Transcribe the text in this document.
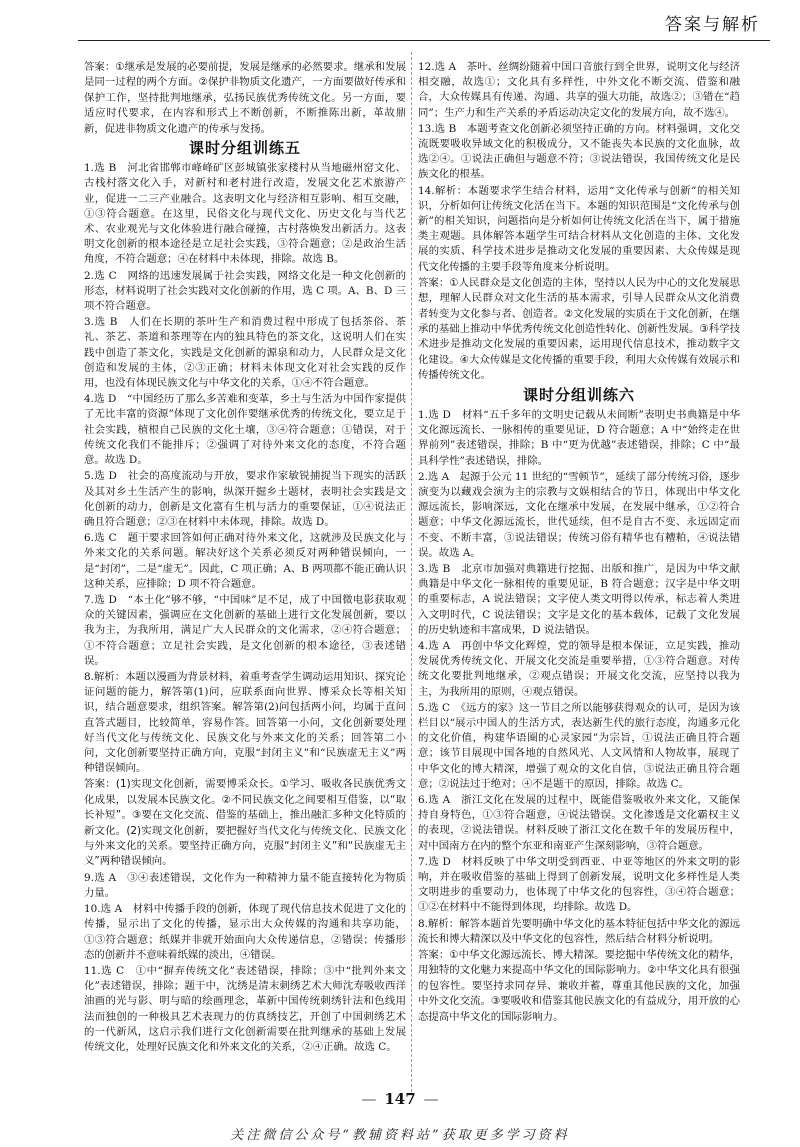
答案与解析

答案：①继承是发展的必要前提，发展是继承的必然要求。继承和发展是同一过程的两个方面。②保护非物质文化遗产，一方面要做好传承和保护工作，坚持批判地继承，弘扬民族优秀传统文化。另一方面，要适应时代要求，在内容和形式上不断创新，不断推陈出新，革故鼎新，促进非物质文化遗产的传承与发扬。

课时分组训练五

1.选 B　河北省邯郸市峰峰矿区彭城镇张家楼村从当地磁州窑文化、古栈村落文化入手，对新村和老村进行改造，发展文化艺术旅游产业，促进一二三产业融合。这表明文化与经济相互影响、相互交融，①③符合题意。在这里，民俗文化与现代文化、历史文化与当代艺术、农业观光与文化体验进行融合碰撞，古村落焕发出新活力。这表明文化创新的根本途径是立足社会实践，③符合题意；②是政治生活角度，不符合题意；④在材料中未体现，排除。故选 B。

2.选 C　网络的迅速发展属于社会实践，网络文化是一种文化创新的形态，材料说明了社会实践对文化创新的作用，选 C 项。A、B、D 三项不符合题意。

3.选 B　人们在长期的茶叶生产和消费过程中形成了包括茶俗、茶礼、茶艺、茶道和茶理等在内的独具特色的茶文化，这说明人们在实践中创造了茶文化，实践是文化创新的源泉和动力，人民群众是文化创造和发展的主体，②③正确；材料未体现文化对社会实践的反作用，也没有体现民族文化与中华文化的关系，①④不符合题意。

4.选 D　“中国经历了那么多苦难和变革，乡土与生活为中国作家提供了无比丰富的资源”体现了文化创作要继承优秀的传统文化，要立足于社会实践，植根自己民族的文化土壤，③④符合题意；①错误，对于传统文化我们不能排斥；②强调了对待外来文化的态度，不符合题意。故选 D。

5.选 D　社会的高度流动与开放，要求作家敏锐捕捉当下现实的活跃及其对乡土生活产生的影响，纵深开掘乡土题材，表明社会实践是文化创新的动力，创新是文化富有生机与活力的重要保证，①④说法正确且符合题意；②③在材料中未体现，排除。故选 D。

6.选 C　题干要求回答如何正确对待外来文化，这就涉及民族文化与外来文化的关系问题。解决好这个关系必须反对两种错误倾向，一是“封闭”，二是“虚无”。因此，C 项正确；A、B 两项都不能正确认识这种关系，应排除；D 项不符合题意。

7.选 D　“本土化”够不够，“中国味”足不足，成了中国微电影获取观众的关键因素，强调应在文化创新的基础上进行文化发展创新，要以我为主，为我所用，满足广大人民群众的文化需求，②④符合题意；①不符合题意；立足社会实践，是文化创新的根本途径，③表述错误。

8.解析：本题以漫画为背景材料，着重考查学生调动运用知识、探究论证问题的能力，解答第(1)问，应联系面向世界、博采众长等相关知识，结合题意要求，组织答案。解答第(2)问包括两小问，均属于直问直答式题目，比较简单，容易作答。回答第一小问，文化创新要处理好当代文化与传统文化、民族文化与外来文化的关系；回答第二小问，文化创新要坚持正确方向，克服“封闭主义”和“民族虚无主义”两种错误倾向。

答案：(1)实现文化创新，需要博采众长。①学习、吸收各民族优秀文化成果，以发展本民族文化。②不同民族文化之间要相互借鉴，以“取长补短”。③要在文化交流、借鉴的基础上，推出融汇多种文化特质的新文化。(2)实现文化创新，要把握好当代文化与传统文化、民族文化与外来文化的关系。要坚持正确方向，克服“封闭主义”和“民族虚无主义”两种错误倾向。

9.选 A　③④表述错误，文化作为一种精神力量不能直接转化为物质力量。

10.选 A　材料中传播手段的创新，体现了现代信息技术促进了文化的传播，显示出了文化的传播，显示出大众传媒的沟通和共享功能，①③符合题意；纸媒并非就开始面向大众传递信息，②错误；传播形态的创新并不意味着纸媒的淡出，④错误。

11.选 C　①中“摒弃传统文化”表述错误，排除；③中“批判外来文化”表述错误，排除；题干中，沈绣是清末刺绣艺术大师沈寿吸收西洋油画的光与影、明与暗的绘画理念，革新中国传统刺绣针法和色线用法而独创的一种极具艺术表现力的仿真绣技艺，开创了中国刺绣艺术的一代新风，这启示我们进行文化创新需要在批判继承的基础上发展传统文化，处理好民族文化和外来文化的关系，②④正确。故选 C。

12.选 A　茶叶、丝绸纷随着中国口音旅行到全世界，说明文化与经济相交融，故选①；文化具有多样性，中外文化不断交流、借鉴和融合，大众传媒具有传递、沟通、共享的强大功能，故选②；③错在“趋同”；生产力和生产关系的矛盾运动决定文化的发展方向，故不选④。

13.选 B　本题考查文化创新必须坚持正确的方向。材料强调，文化交流既要吸收异域文化的积极成分，又不能丧失本民族的文化血脉，故选②④。①说法正确但与题意不符；③说法错误，我国传统文化是民族文化的根基。

14.解析：本题要求学生结合材料，运用“文化传承与创新”的相关知识，分析如何让传统文化活在当下。本题的知识范围是“文化传承与创新”的相关知识，问题指向是分析如何让传统文化活在当下，属于措施类主观题。具体解答本题学生可结合材料从文化创造的主体、文化发展的实质、科学技术进步是推动文化发展的重要因素、大众传媒是现代文化传播的主要手段等角度来分析说明。

答案：①人民群众是文化创造的主体，坚持以人民为中心的文化发展思想，理解人民群众对文化生活的基本需求，引导人民群众从文化消费者转变为文化参与者、创造者。②文化发展的实质在于文化创新，在继承的基础上推动中华优秀传统文化创造性转化、创新性发展。③科学技术进步是推动文化发展的重要因素，运用现代信息技术，推动数字文化建设。④大众传媒是文化传播的重要手段，利用大众传媒有效展示和传播传统文化。

课时分组训练六

1.选 D　材料“五千多年的文明史记载从未间断”表明史书典籍是中华文化源远流长、一脉相传的重要见证，D 符合题意；A 中“始终走在世界前列”表述错误，排除；B 中“更为优越”表述错误，排除；C 中“最具科学性”表述错误，排除。

2.选 A　起源于公元 11 世纪的“雪顿节”，延续了部分传统习俗，逐步演变为以藏戏会演为主的宗教与文娱相结合的节日，体现出中华文化源远流长，影响深远，文化在继承中发展，在发展中继承，①②符合题意；中华文化源远流长，世代延续，但不是自古不变、永远固定而不变、不断丰富，③说法错误；传统习俗有精华也有糟粕，④说法错误。故选 A。

3.选 B　北京市加强对典籍进行挖掘、出版和推广，是因为中华文献典籍是中华文化一脉相传的重要见证，B 符合题意；汉字是中华文明的重要标志，A 说法错误；文字使人类文明得以传承，标志着人类进入文明时代，C 说法错误；文字是文化的基本载体，记载了文化发展的历史轨迹和丰富成果，D 说法错误。

4.选 A　再创中华文化辉煌，党的领导是根本保证，立足实践，推动发展优秀传统文化、开展文化交流是重要举措，①③符合题意。对传统文化要批判地继承，②观点错误；开展文化交流，应坚持以我为主，为我所用的原则，④观点错误。

5.选 C　《远方的家》这一节目之所以能够获得观众的认可，是因为该栏目以“展示中国人的生活方式，表达新生代的旅行态度，沟通多元化的文化价值，构建华语圈的心灵家园”为宗旨，①说法正确且符合题意；该节目展现中国各地的自然风光、人文风情和人物故事，展现了中华文化的博大精深，增强了观众的文化自信，③说法正确且符合题意；②说法过于绝对；④不是题干的原因，排除。故选 C。

6.选 A　浙江文化在发展的过程中，既能借鉴吸收外来文化，又能保持自身特色，①③符合题意，④说法错误。文化渗透是文化霸权主义的表现，②说法错误。材料反映了浙江文化在数千年的发展历程中，对中国南方在内的整个东亚和南亚产生深刻影响，③符合题意。

7.选 D　材料反映了中华文明受到西亚、中亚等地区的外来文明的影响，并在吸收借鉴的基础上得到了创新发展，说明文化多样性是人类文明进步的重要动力，也体现了中华文化的包容性，③④符合题意；①②在材料中不能得到体现，均排除。故选 D。

8.解析：解答本题首先要明确中华文化的基本特征包括中华文化的源远流长和博大精深以及中华文化的包容性，然后结合材料分析说明。

答案：①中华文化源远流长、博大精深。要挖掘中华传统文化的精华，用独特的文化魅力来提高中华文化的国际影响力。②中华文化具有很强的包容性。要坚持求同存异、兼收并蓄，尊重其他民族的文化，加强中外文化交流。③要吸收和借鉴其他民族文化的有益成分，用开放的心态提高中华文化的国际影响力。

— 147 —
关注微信公众号“教辅资料站”获取更多学习资料
